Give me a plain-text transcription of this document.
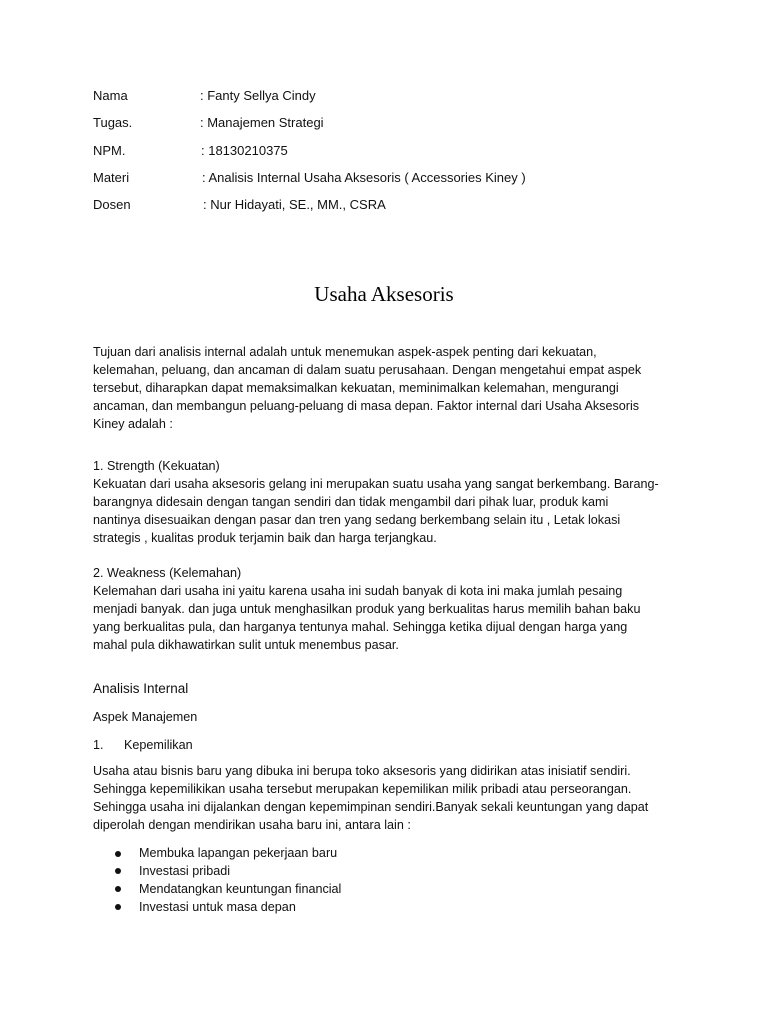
Nama	: Fanty Sellya Cindy
Tugas.	: Manajemen Strategi
NPM.	: 18130210375
Materi	: Analisis Internal Usaha Aksesoris ( Accessories Kiney )
Dosen	: Nur Hidayati, SE., MM., CSRA
Usaha Aksesoris

Tujuan dari analisis internal adalah untuk menemukan aspek-aspek penting dari kekuatan,
kelemahan, peluang, dan ancaman di dalam suatu perusahaan. Dengan mengetahui empat aspek
tersebut, diharapkan dapat memaksimalkan kekuatan, meminimalkan kelemahan, mengurangi
ancaman, dan membangun peluang-peluang di masa depan. Faktor internal dari Usaha Aksesoris
Kiney adalah :

1. Strength (Kekuatan)

Kekuatan dari usaha aksesoris gelang ini merupakan suatu usaha yang sangat berkembang. Barang-
barangnya didesain dengan tangan sendiri dan tidak mengambil dari pihak luar, produk kami
nantinya disesuaikan dengan pasar dan tren yang sedang berkembang selain itu , Letak lokasi
strategis , kualitas produk terjamin baik dan harga terjangkau.

2. Weakness (Kelemahan)

Kelemahan dari usaha ini yaitu karena usaha ini sudah banyak di kota ini maka jumlah pesaing
menjadi banyak. dan juga untuk menghasilkan produk yang berkualitas harus memilih bahan baku
yang berkualitas pula, dan harganya tentunya mahal. Sehingga ketika dijual dengan harga yang
mahal pula dikhawatirkan sulit untuk menembus pasar.

Analisis Internal
Aspek Manajemen
1. Kepemilikan

Usaha atau bisnis baru yang dibuka ini berupa toko aksesoris yang didirikan atas inisiatif sendiri.
Sehingga kepemilikikan usaha tersebut merupakan kepemilikan milik pribadi atau perseorangan.
Sehingga usaha ini dijalankan dengan kepemimpinan sendiri.Banyak sekali keuntungan yang dapat
diperolah dengan mendirikan usaha baru ini, antara lain :

Membuka lapangan pekerjaan baru
Investasi pribadi
Mendatangkan keuntungan financial
Investasi untuk masa depan
